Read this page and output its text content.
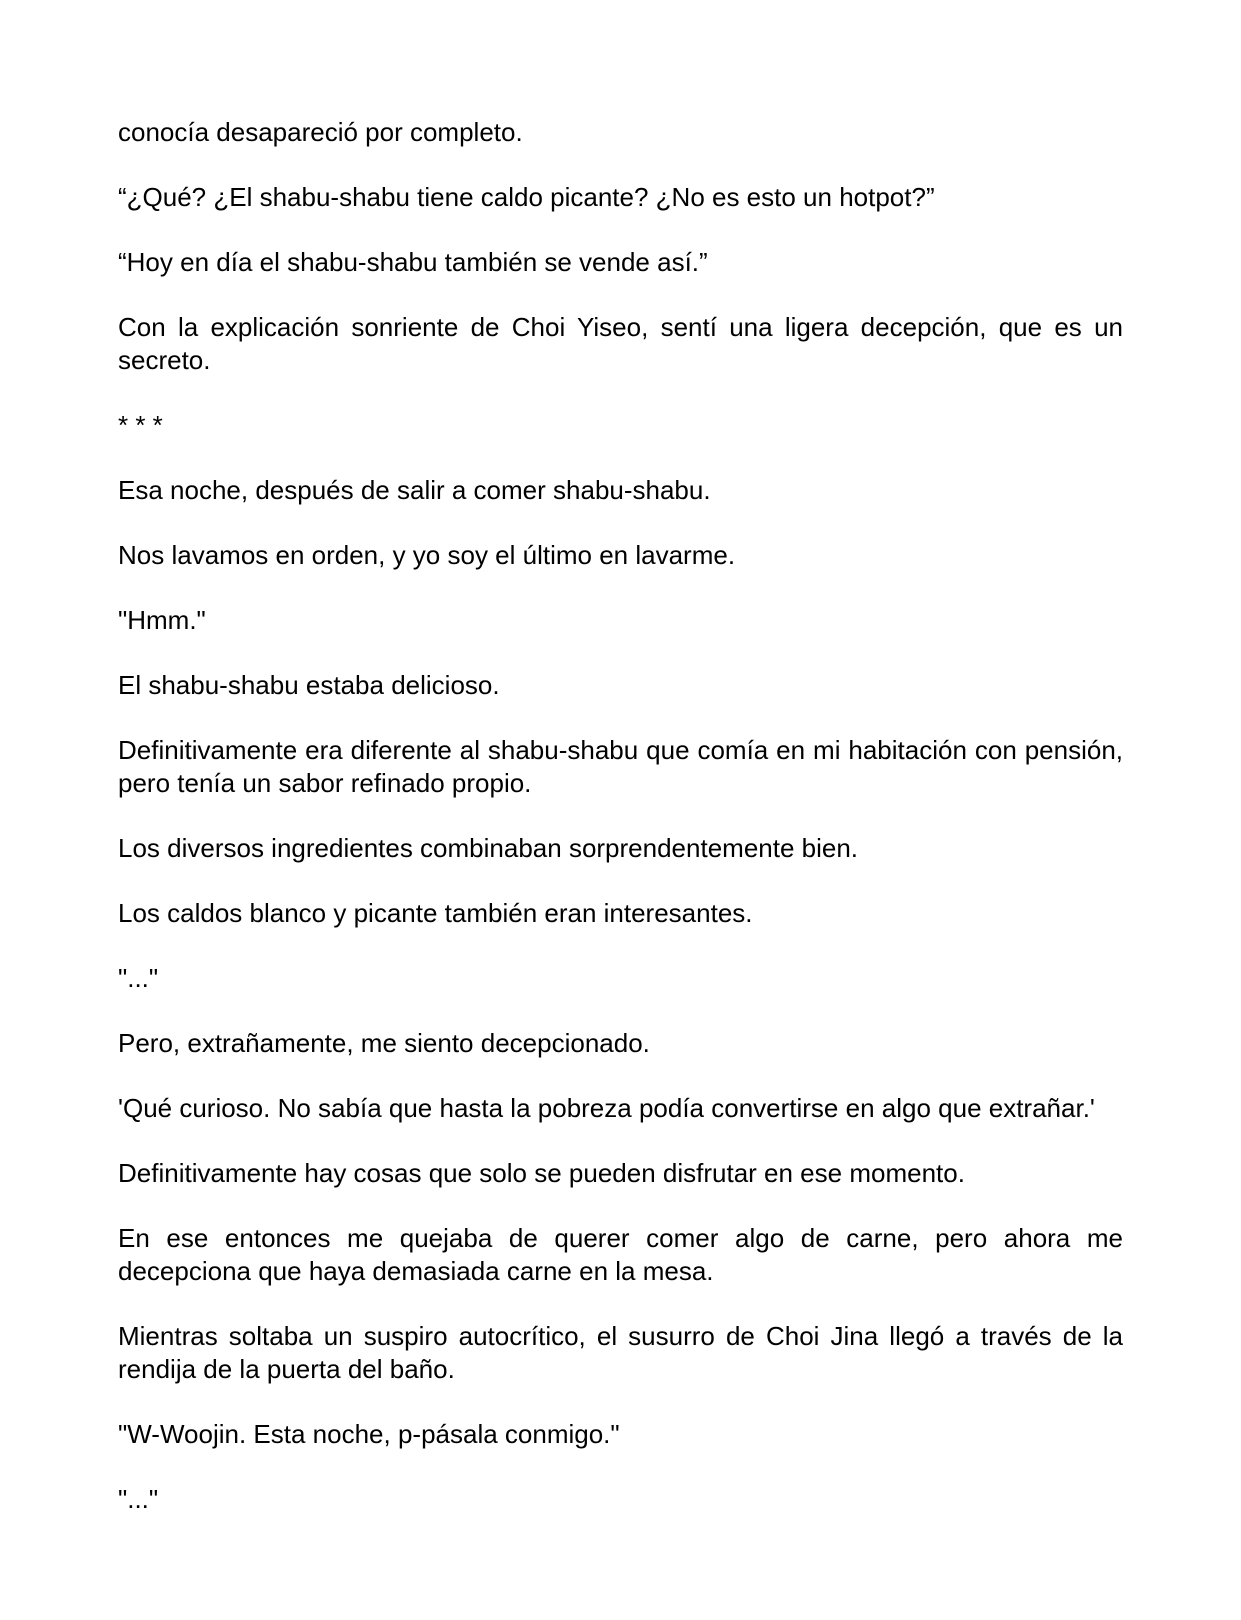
conocía desapareció por completo.

“¿Qué? ¿El shabu-shabu tiene caldo picante? ¿No es esto un hotpot?”

“Hoy en día el shabu-shabu también se vende así.”

Con la explicación sonriente de Choi Yiseo, sentí una ligera decepción, que es un secreto.

* * *

Esa noche, después de salir a comer shabu-shabu.

Nos lavamos en orden, y yo soy el último en lavarme.

"Hmm."

El shabu-shabu estaba delicioso.

Definitivamente era diferente al shabu-shabu que comía en mi habitación con pensión, pero tenía un sabor refinado propio.

Los diversos ingredientes combinaban sorprendentemente bien.

Los caldos blanco y picante también eran interesantes.

"..."

Pero, extrañamente, me siento decepcionado.

'Qué curioso. No sabía que hasta la pobreza podía convertirse en algo que extrañar.'

Definitivamente hay cosas que solo se pueden disfrutar en ese momento.

En ese entonces me quejaba de querer comer algo de carne, pero ahora me decepciona que haya demasiada carne en la mesa.

Mientras soltaba un suspiro autocrítico, el susurro de Choi Jina llegó a través de la rendija de la puerta del baño.

"W-Woojin. Esta noche, p-pásala conmigo."

"..."
